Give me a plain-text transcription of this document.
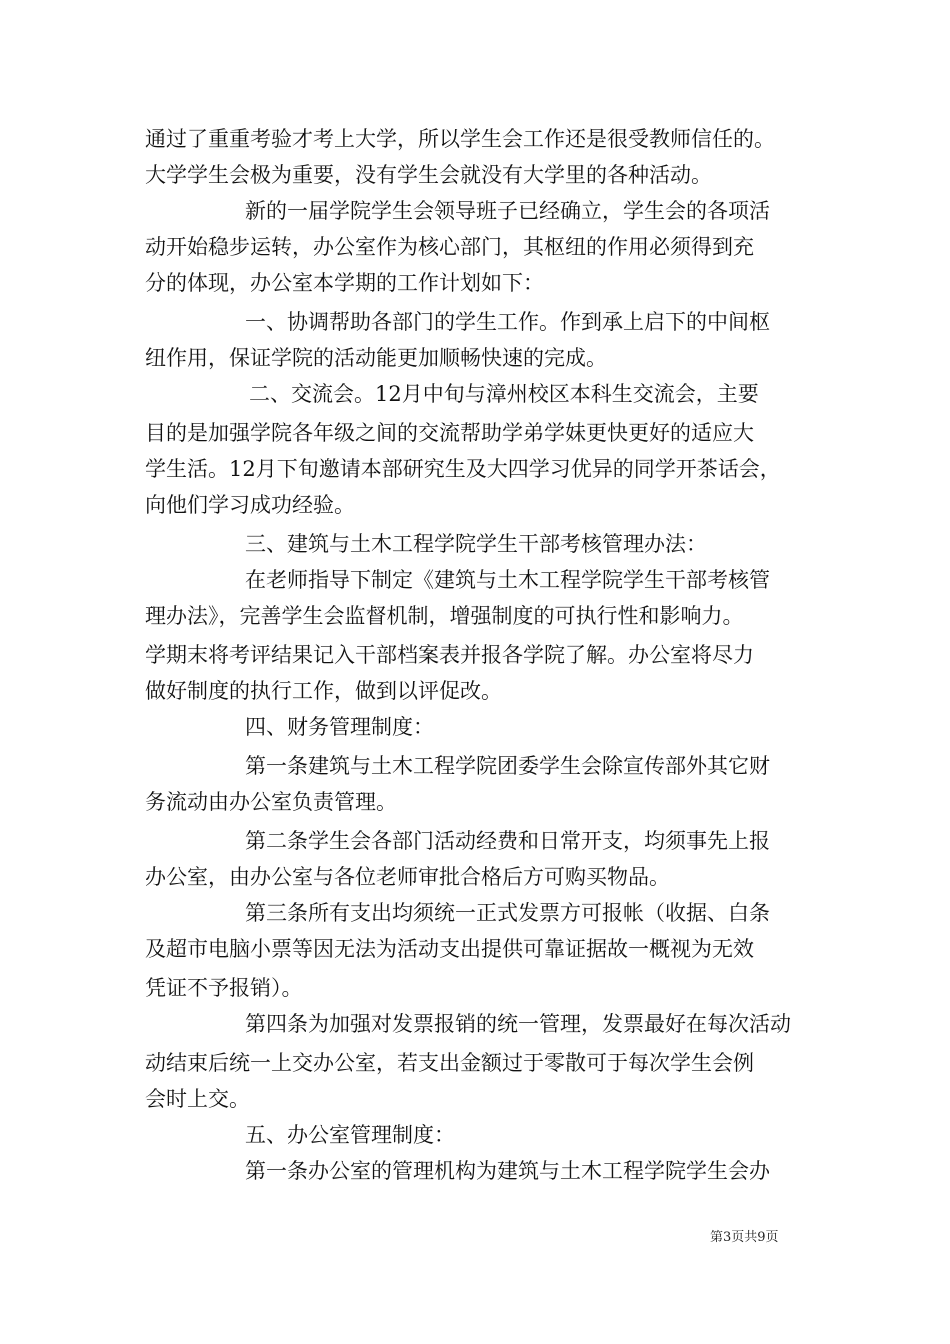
通过了重重考验才考上大学，所以学生会工作还是很受教师信任的。
大学学生会极为重要，没有学生会就没有大学里的各种活动。
新的一届学院学生会领导班子已经确立，学生会的各项活
动开始稳步运转，办公室作为核心部门，其枢纽的作用必须得到充
分的体现，办公室本学期的工作计划如下：
一、协调帮助各部门的学生工作。作到承上启下的中间枢
纽作用，保证学院的活动能更加顺畅快速的完成。
二、交流会。12月中旬与漳州校区本科生交流会，主要
目的是加强学院各年级之间的交流帮助学弟学妹更快更好的适应大
学生活。12月下旬邀请本部研究生及大四学习优异的同学开茶话会，
向他们学习成功经验。
三、建筑与土木工程学院学生干部考核管理办法：
在老师指导下制定《建筑与土木工程学院学生干部考核管
理办法》，完善学生会监督机制，增强制度的可执行性和影响力。
学期末将考评结果记入干部档案表并报各学院了解。办公室将尽力
做好制度的执行工作，做到以评促改。
四、财务管理制度：
第一条建筑与土木工程学院团委学生会除宣传部外其它财
务流动由办公室负责管理。
第二条学生会各部门活动经费和日常开支，均须事先上报
办公室，由办公室与各位老师审批合格后方可购买物品。
第三条所有支出均须统一正式发票方可报帐（收据、白条
及超市电脑小票等因无法为活动支出提供可靠证据故一概视为无效
凭证不予报销）。
第四条为加强对发票报销的统一管理，发票最好在每次活动
动结束后统一上交办公室，若支出金额过于零散可于每次学生会例
会时上交。
五、办公室管理制度：
第一条办公室的管理机构为建筑与土木工程学院学生会办
第3页共9页
